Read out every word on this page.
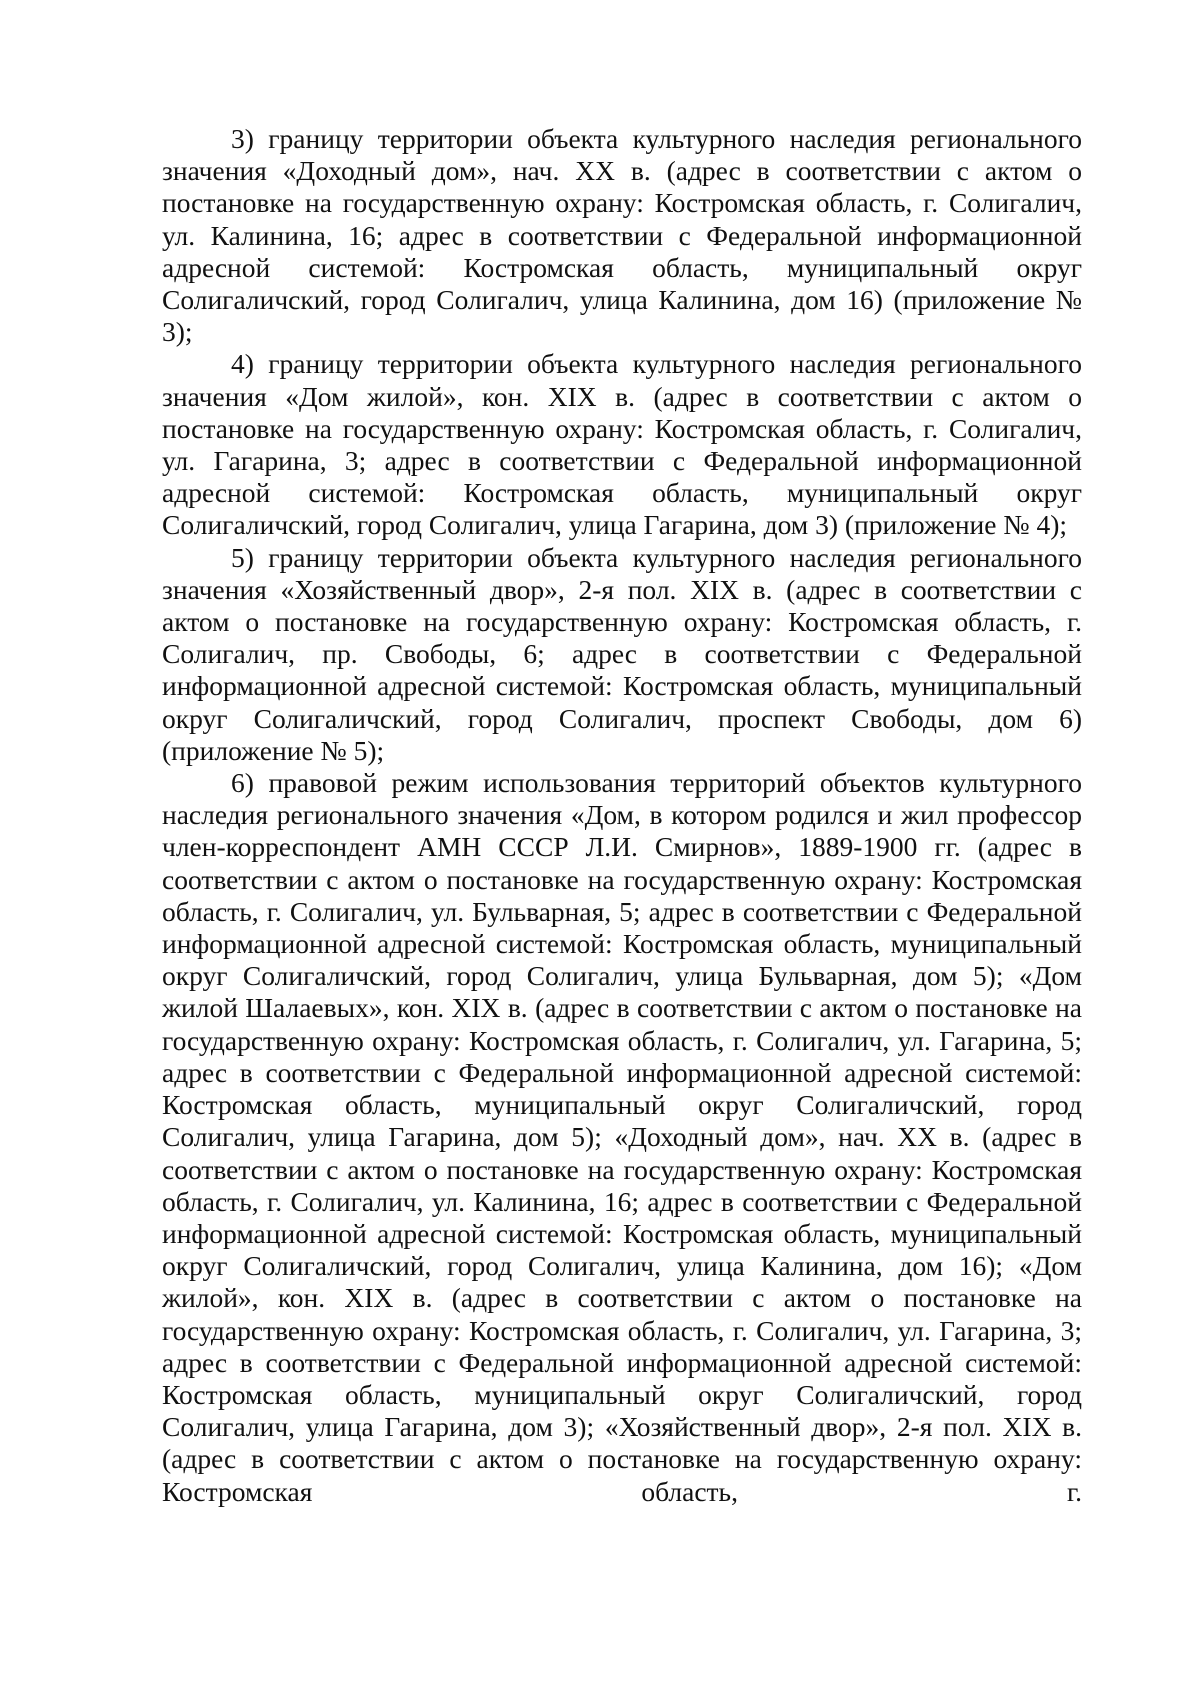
3) границу территории объекта культурного наследия регионального значения «Доходный дом», нач. XX в. (адрес в соответствии с актом о постановке на государственную охрану: Костромская область, г. Солигалич, ул. Калинина, 16; адрес в соответствии с Федеральной информационной адресной системой: Костромская область, муниципальный округ Солигаличский, город Солигалич, улица Калинина, дом 16) (приложение № 3);

4) границу территории объекта культурного наследия регионального значения «Дом жилой», кон. XIX в. (адрес в соответствии с актом о постановке на государственную охрану: Костромская область, г. Солигалич, ул. Гагарина, 3; адрес в соответствии с Федеральной информационной адресной системой: Костромская область, муниципальный округ Солигаличский, город Солигалич, улица Гагарина, дом 3) (приложение № 4);

5) границу территории объекта культурного наследия регионального значения «Хозяйственный двор», 2-я пол. XIX в. (адрес в соответствии с актом о постановке на государственную охрану: Костромская область, г. Солигалич, пр. Свободы, 6; адрес в соответствии с Федеральной информационной адресной системой: Костромская область, муниципальный округ Солигаличский, город Солигалич, проспект Свободы, дом 6) (приложение № 5);

6) правовой режим использования территорий объектов культурного наследия регионального значения «Дом, в котором родился и жил профессор член-корреспондент АМН СССР Л.И. Смирнов», 1889-1900 гг. (адрес в соответствии с актом о постановке на государственную охрану: Костромская область, г. Солигалич, ул. Бульварная, 5; адрес в соответствии с Федеральной информационной адресной системой: Костромская область, муниципальный округ Солигаличский, город Солигалич, улица Бульварная, дом 5); «Дом жилой Шалаевых», кон. XIX в. (адрес в соответствии с актом о постановке на государственную охрану: Костромская область, г. Солигалич, ул. Гагарина, 5; адрес в соответствии с Федеральной информационной адресной системой: Костромская область, муниципальный округ Солигаличский, город Солигалич, улица Гагарина, дом 5); «Доходный дом», нач. XX в. (адрес в соответствии с актом о постановке на государственную охрану: Костромская область, г. Солигалич, ул. Калинина, 16; адрес в соответствии с Федеральной информационной адресной системой: Костромская область, муниципальный округ Солигаличский, город Солигалич, улица Калинина, дом 16); «Дом жилой», кон. XIX в. (адрес в соответствии с актом о постановке на государственную охрану: Костромская область, г. Солигалич, ул. Гагарина, 3; адрес в соответствии с Федеральной информационной адресной системой: Костромская область, муниципальный округ Солигаличский, город Солигалич, улица Гагарина, дом 3); «Хозяйственный двор», 2-я пол. XIX в. (адрес в соответствии с актом о постановке на государственную охрану: Костромская область, г.
